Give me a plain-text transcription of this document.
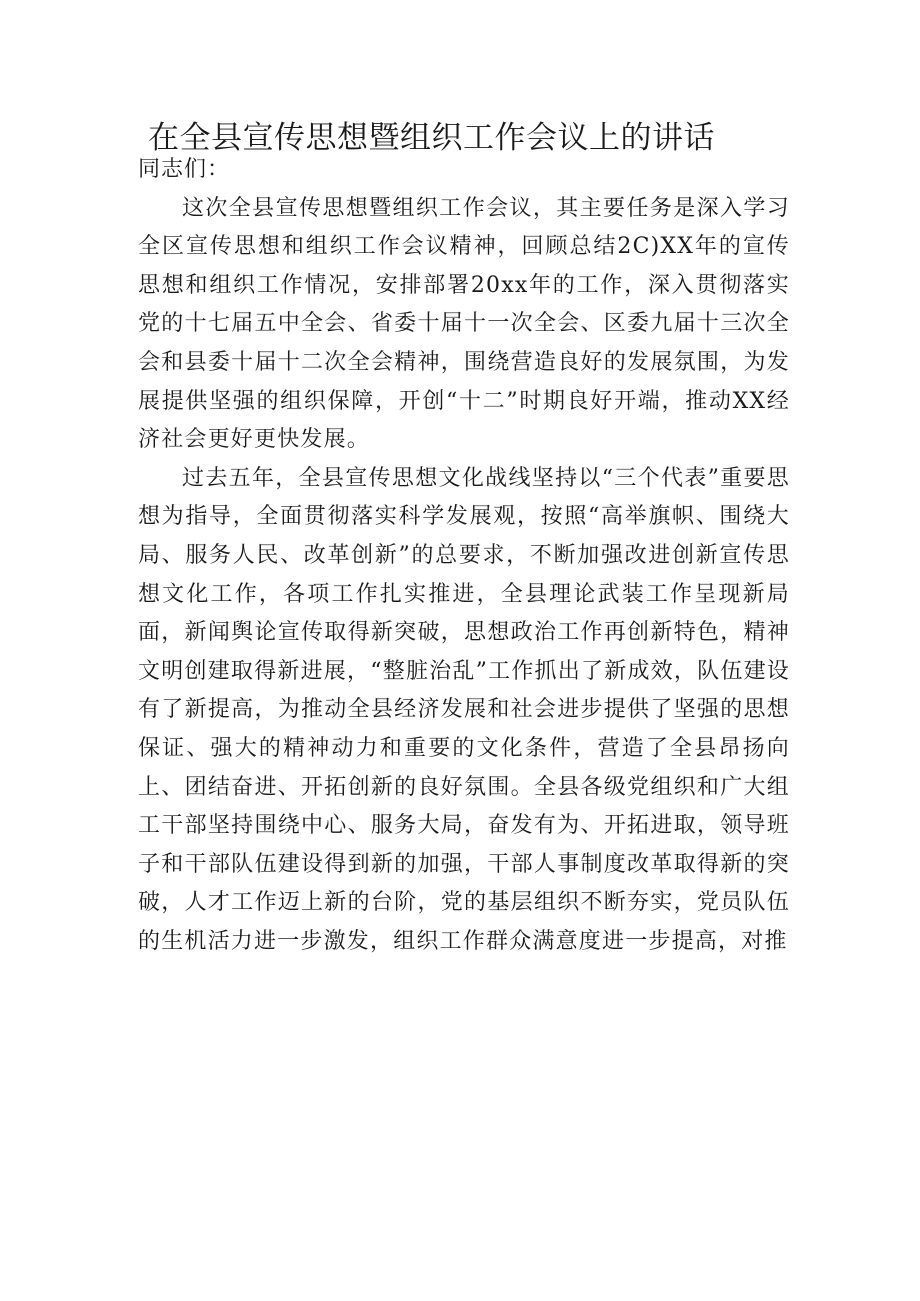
在全县宣传思想暨组织工作会议上的讲话

同志们：

这次全县宣传思想暨组织工作会议，其主要任务是深入学习全区宣传思想和组织工作会议精神，回顾总结2C)XX年的宣传思想和组织工作情况，安排部署20xx年的工作，深入贯彻落实党的十七届五中全会、省委十届十一次全会、区委九届十三次全会和县委十届十二次全会精神，围绕营造良好的发展氛围，为发展提供坚强的组织保障，开创“十二”时期良好开端，推动XX经济社会更好更快发展。

过去五年，全县宣传思想文化战线坚持以“三个代表”重要思想为指导，全面贯彻落实科学发展观，按照“高举旗帜、围绕大局、服务人民、改革创新”的总要求，不断加强改进创新宣传思想文化工作，各项工作扎实推进，全县理论武装工作呈现新局面，新闻舆论宣传取得新突破，思想政治工作再创新特色，精神文明创建取得新进展，“整脏治乱”工作抓出了新成效，队伍建设有了新提高，为推动全县经济发展和社会进步提供了坚强的思想保证、强大的精神动力和重要的文化条件，营造了全县昂扬向上、团结奋进、开拓创新的良好氛围。全县各级党组织和广大组工干部坚持围绕中心、服务大局，奋发有为、开拓进取，领导班子和干部队伍建设得到新的加强，干部人事制度改革取得新的突破，人才工作迈上新的台阶，党的基层组织不断夯实，党员队伍的生机活力进一步激发，组织工作群众满意度进一步提高，对推
